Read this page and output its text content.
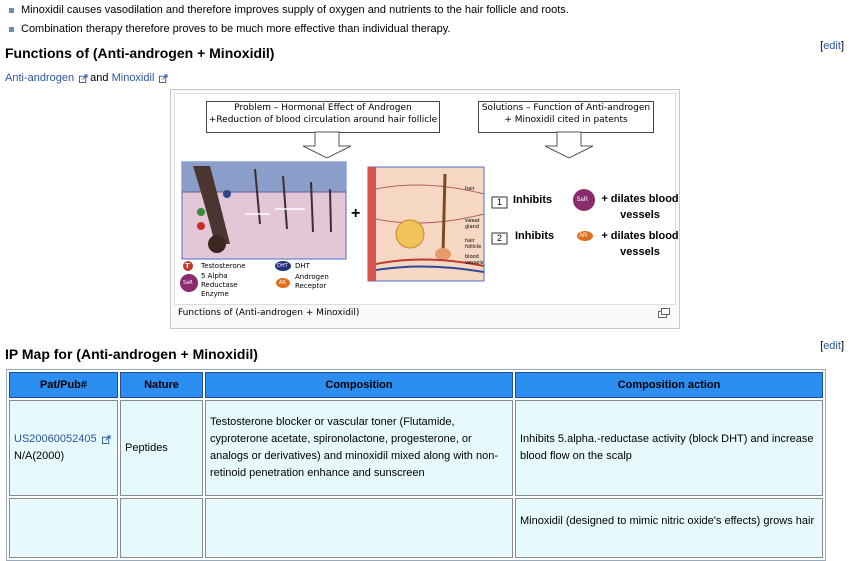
Minoxidil causes vasodilation and therefore improves supply of oxygen and nutrients to the hair follicle and roots.
Combination therapy therefore proves to be much more effective than individual therapy.
Functions of (Anti-androgen + Minoxidil)	[edit]
Anti-androgen and Minoxidil
Problem – Hormonal Effect of Androgen +Reduction of blood circulation around hair follicle
Solutions – Function of Anti-androgen + Minoxidil cited in patents
T Testosterone	DHT DHT
5aR
5 Alpha Reductase Enzyme
AR
Androgen Receptor
+
hair
sweat gland
hair follicle
blood vessels
1 Inhibits	5aR + dilates blood vessels
2 Inhibits	AR + dilates blood vessels
Functions of (Anti-androgen + Minoxidil)
IP Map for (Anti-androgen + Minoxidil)	[edit]
Pat/Pub#	Nature	Composition	Composition action
US20060052405
N/A(2000)	Peptides	Testosterone blocker or vascular toner (Flutamide, cyproterone acetate, spironolactone, progesterone, or analogs or derivatives) and minoxidil mixed along with non-retinoid penetration enhance and sunscreen	Inhibits 5.alpha.-reductase activity (block DHT) and increase blood flow on the scalp
			Minoxidil (designed to mimic nitric oxide's effects) grows hair
